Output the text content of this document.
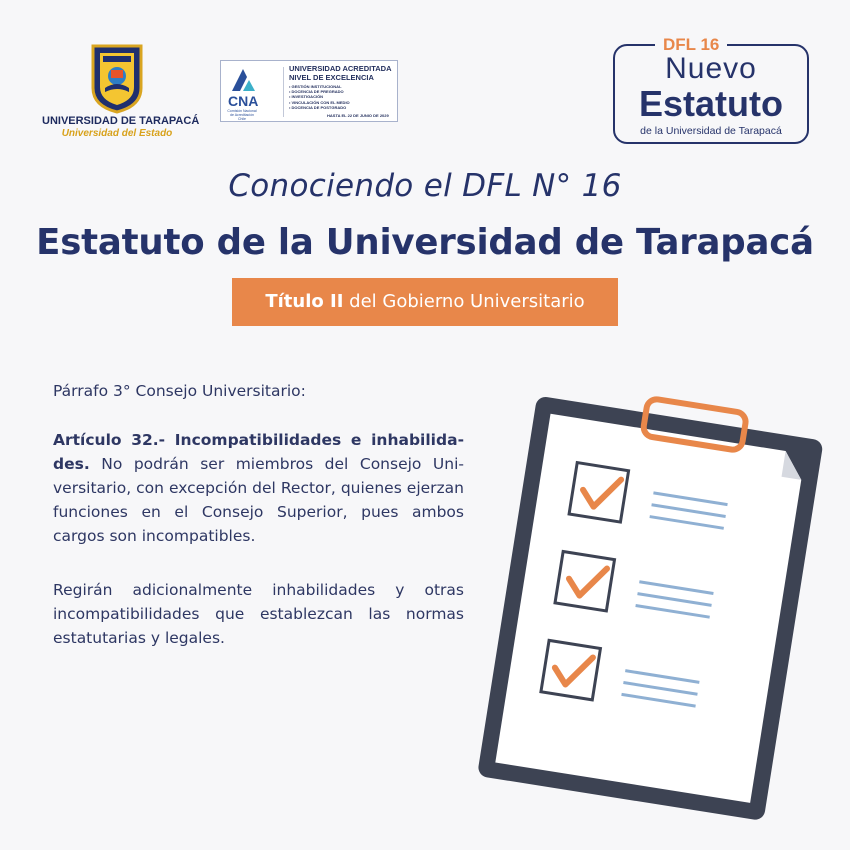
UNIVERSIDAD DE TARAPACÁ
Universidad del Estado
CNA
Comisión Nacional de Acreditación Chile
UNIVERSIDAD ACREDITADA
NIVEL DE EXCELENCIA
• GESTIÓN INSTITUCIONAL
• DOCENCIA DE PREGRADO
• INVESTIGACIÓN
• VINCULACIÓN CON EL MEDIO
• DOCENCIA DE POSTGRADO
HASTA EL 22 DE JUNIO DE 2029
DFL 16
Nuevo
Estatuto
de la Universidad de Tarapacá
Conociendo el DFL N° 16
Estatuto de la Universidad de Tarapacá
Título II del Gobierno Universitario

Párrafo 3° Consejo Universitario:

Artículo 32.- Incompatibilidades e inhabilidades. No podrán ser miembros del Consejo Universitario, con excepción del Rector, quienes ejerzan funciones en el Consejo Superior, pues ambos cargos son incompatibles.

Regirán adicionalmente inhabilidades y otras incompatibilidades que establezcan las normas estatutarias y legales.
